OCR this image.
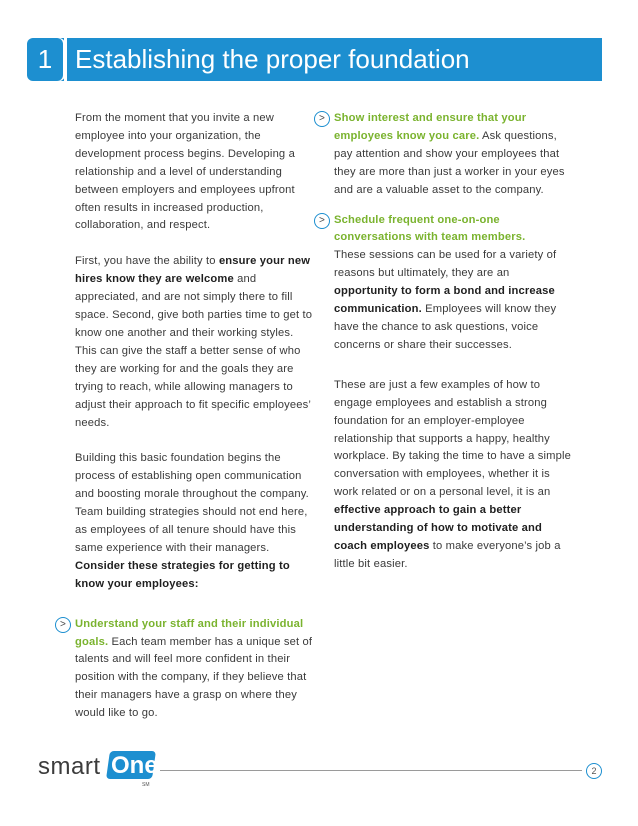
1 Establishing the proper foundation

From the moment that you invite a new employee into your organization, the development process begins. Developing a relationship and a level of understanding between employers and employees upfront often results in increased production, collaboration, and respect.

First, you have the ability to ensure your new hires know they are welcome and appreciated, and are not simply there to fill space. Second, give both parties time to get to know one another and their working styles. This can give the staff a better sense of who they are working for and the goals they are trying to reach, while allowing managers to adjust their approach to fit specific employees’ needs.

Building this basic foundation begins the process of establishing open communication and boosting morale throughout the company. Team building strategies should not end here, as employees of all tenure should have this same experience with their managers. Consider these strategies for getting to know your employees:

> Understand your staff and their individual goals. Each team member has a unique set of talents and will feel more confident in their position with the company, if they believe that their managers have a grasp on where they would like to go.

> Show interest and ensure that your employees know you care. Ask questions, pay attention and show your employees that they are more than just a worker in your eyes and are a valuable asset to the company.

> Schedule frequent one-on-one conversations with team members.
These sessions can be used for a variety of reasons but ultimately, they are an opportunity to form a bond and increase communication. Employees will know they have the chance to ask questions, voice concerns or share their successes.

These are just a few examples of how to engage employees and establish a strong foundation for an employer-employee relationship that supports a happy, healthy workplace. By taking the time to have a simple conversation with employees, whether it is work related or on a personal level, it is an effective approach to gain a better understanding of how to motivate and coach employees to make everyone’s job a little bit easier.

smart One
SM
2
